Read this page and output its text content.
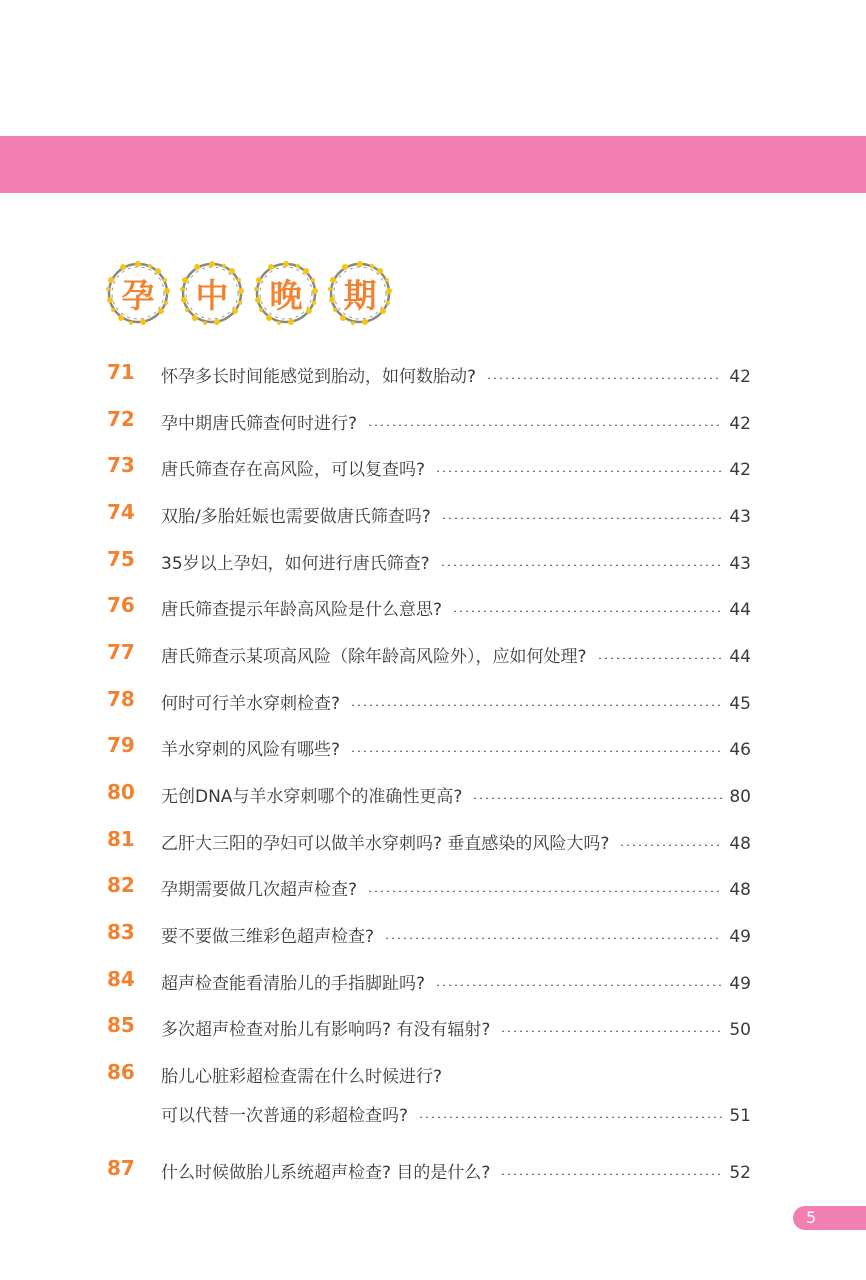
孕	中	晚	期
71 怀孕多长时间能感觉到胎动，如何数胎动?	42
72 孕中期唐氏筛查何时进行?	42
73 唐氏筛查存在高风险，可以复查吗?	42
74 双胎/多胎妊娠也需要做唐氏筛查吗?	43
75 35岁以上孕妇，如何进行唐氏筛查?	43
76 唐氏筛查提示年龄高风险是什么意思?	44
77 唐氏筛查示某项高风险（除年龄高风险外），应如何处理?	44
78 何时可行羊水穿刺检查?	45
79 羊水穿刺的风险有哪些?	46
80 无创DNA与羊水穿刺哪个的准确性更高?	80
81 乙肝大三阳的孕妇可以做羊水穿刺吗? 垂直感染的风险大吗?	48
82 孕期需要做几次超声检查?	48
83 要不要做三维彩色超声检查?	49
84 超声检查能看清胎儿的手指脚趾吗?	49
85 多次超声检查对胎儿有影响吗? 有没有辐射?	50
86 胎儿心脏彩超检查需在什么时候进行?
可以代替一次普通的彩超检查吗?	51
87 什么时候做胎儿系统超声检查? 目的是什么?	52
5
